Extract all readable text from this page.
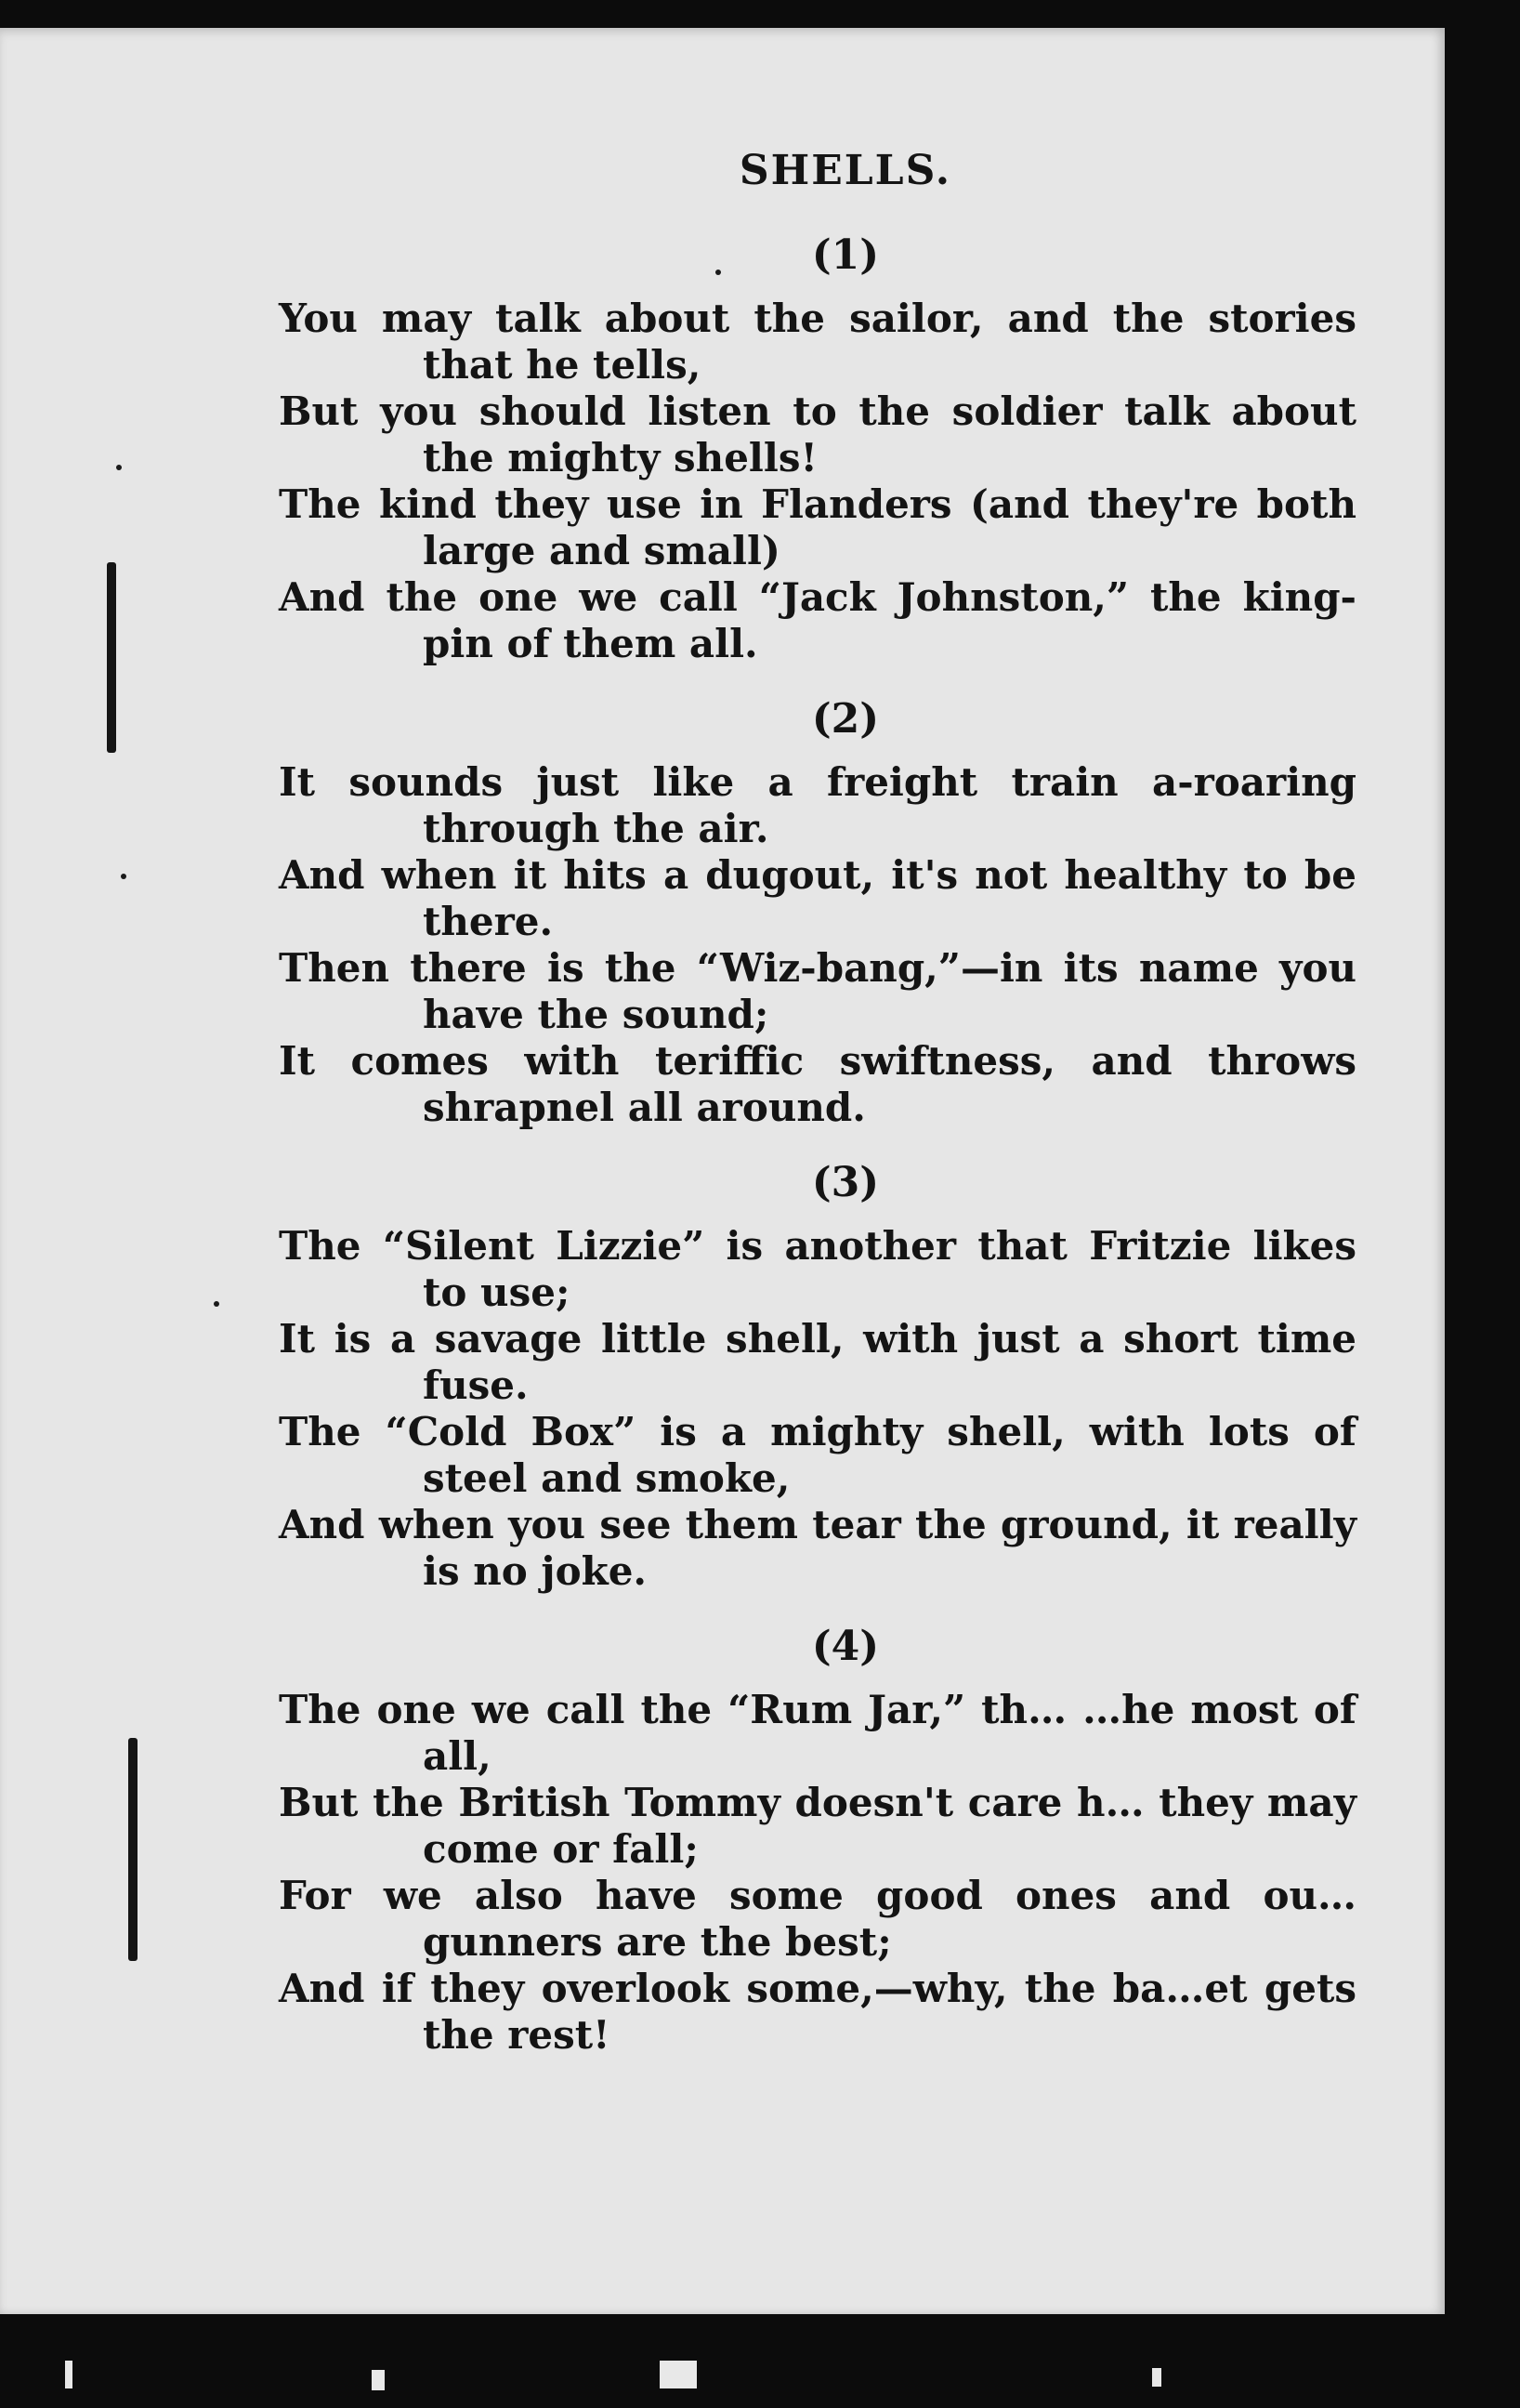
SHELLS.
(1)
You may talk about the sailor, and the stories that he tells,
But you should listen to the soldier talk about the mighty shells!
The kind they use in Flanders (and they're both large and small)
And the one we call “Jack Johnston,” the king-pin of them all.
(2)
It sounds just like a freight train a-roaring through the air.
And when it hits a dugout, it's not healthy to be there.
Then there is the “Wiz-bang,”—in its name you have the sound;
It comes with teriffic swiftness, and throws shrapnel all around.
(3)
The “Silent Lizzie” is another that Fritzie likes to use;
It is a savage little shell, with just a short time fuse.
The “Cold Box” is a mighty shell, with lots of steel and smoke,
And when you see them tear the ground, it really is no joke.
(4)
The one we call the “Rum Jar,” th… …he most of all,
But the British Tommy doesn't care h… they may come or fall;
For we also have some good ones and ou… gunners are the best;
And if they overlook some,—why, the ba…et gets the rest!
